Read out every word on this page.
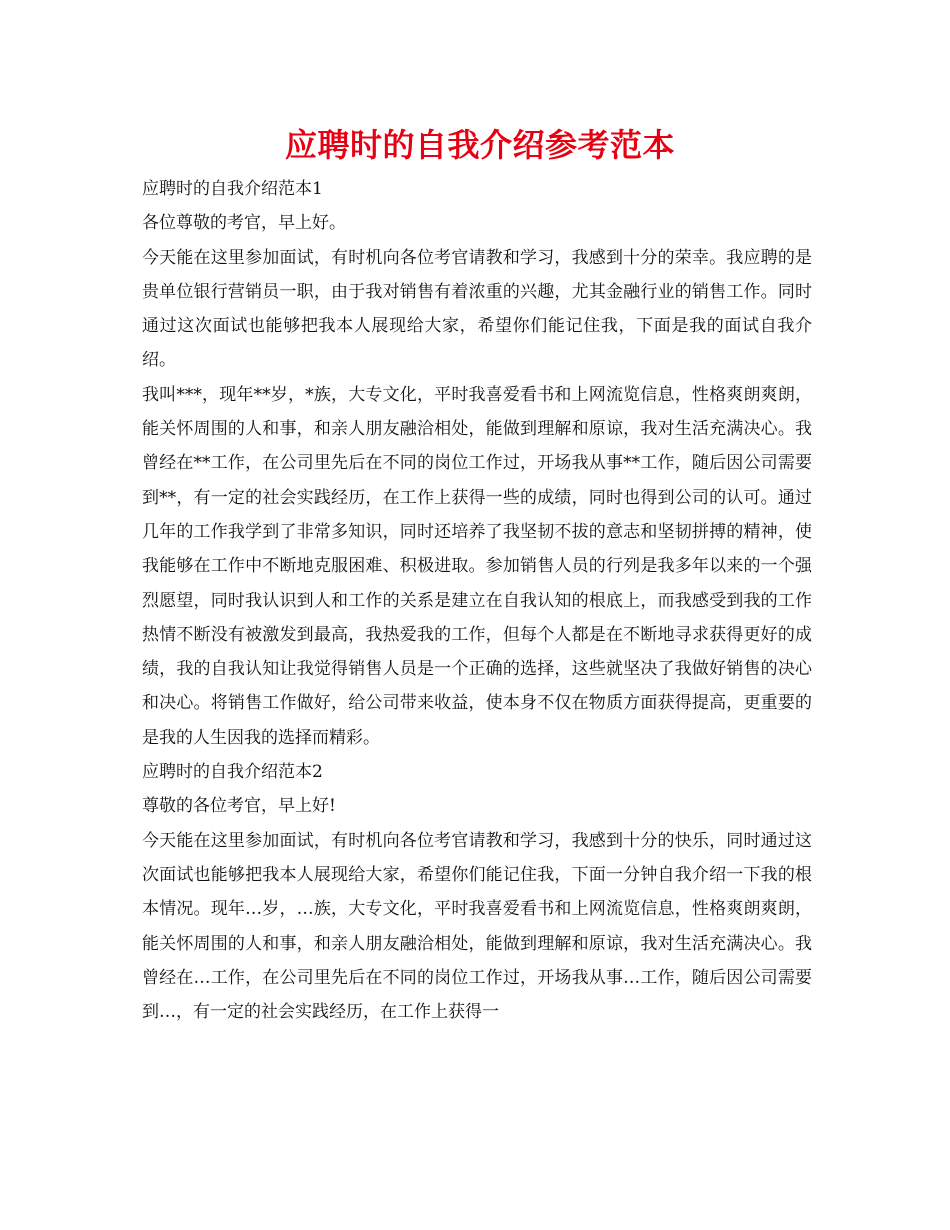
应聘时的自我介绍参考范本

应聘时的自我介绍范本1

各位尊敬的考官，早上好。

今天能在这里参加面试，有时机向各位考官请教和学习，我感到十分的荣幸。我应聘的是贵单位银行营销员一职，由于我对销售有着浓重的兴趣，尤其金融行业的销售工作。同时通过这次面试也能够把我本人展现给大家，希望你们能记住我，下面是我的面试自我介绍。

我叫***，现年**岁，*族，大专文化，平时我喜爱看书和上网流览信息，性格爽朗爽朗，能关怀周围的人和事，和亲人朋友融洽相处，能做到理解和原谅，我对生活充满决心。我曾经在**工作，在公司里先后在不同的岗位工作过，开场我从事**工作，随后因公司需要到**，有一定的社会实践经历，在工作上获得一些的成绩，同时也得到公司的认可。通过几年的工作我学到了非常多知识，同时还培养了我坚韧不拔的意志和坚韧拼搏的精神，使我能够在工作中不断地克服困难、积极进取。参加销售人员的行列是我多年以来的一个强烈愿望，同时我认识到人和工作的关系是建立在自我认知的根底上，而我感受到我的工作热情不断没有被激发到最高，我热爱我的工作，但每个人都是在不断地寻求获得更好的成绩，我的自我认知让我觉得销售人员是一个正确的选择，这些就坚决了我做好销售的决心和决心。将销售工作做好，给公司带来收益，使本身不仅在物质方面获得提高，更重要的是我的人生因我的选择而精彩。

应聘时的自我介绍范本2

尊敬的各位考官，早上好!

今天能在这里参加面试，有时机向各位考官请教和学习，我感到十分的快乐，同时通过这次面试也能够把我本人展现给大家，希望你们能记住我，下面一分钟自我介绍一下我的根本情况。现年…岁，…族，大专文化，平时我喜爱看书和上网流览信息，性格爽朗爽朗，能关怀周围的人和事，和亲人朋友融洽相处，能做到理解和原谅，我对生活充满决心。我曾经在…工作，在公司里先后在不同的岗位工作过，开场我从事…工作，随后因公司需要到…，有一定的社会实践经历，在工作上获得一
